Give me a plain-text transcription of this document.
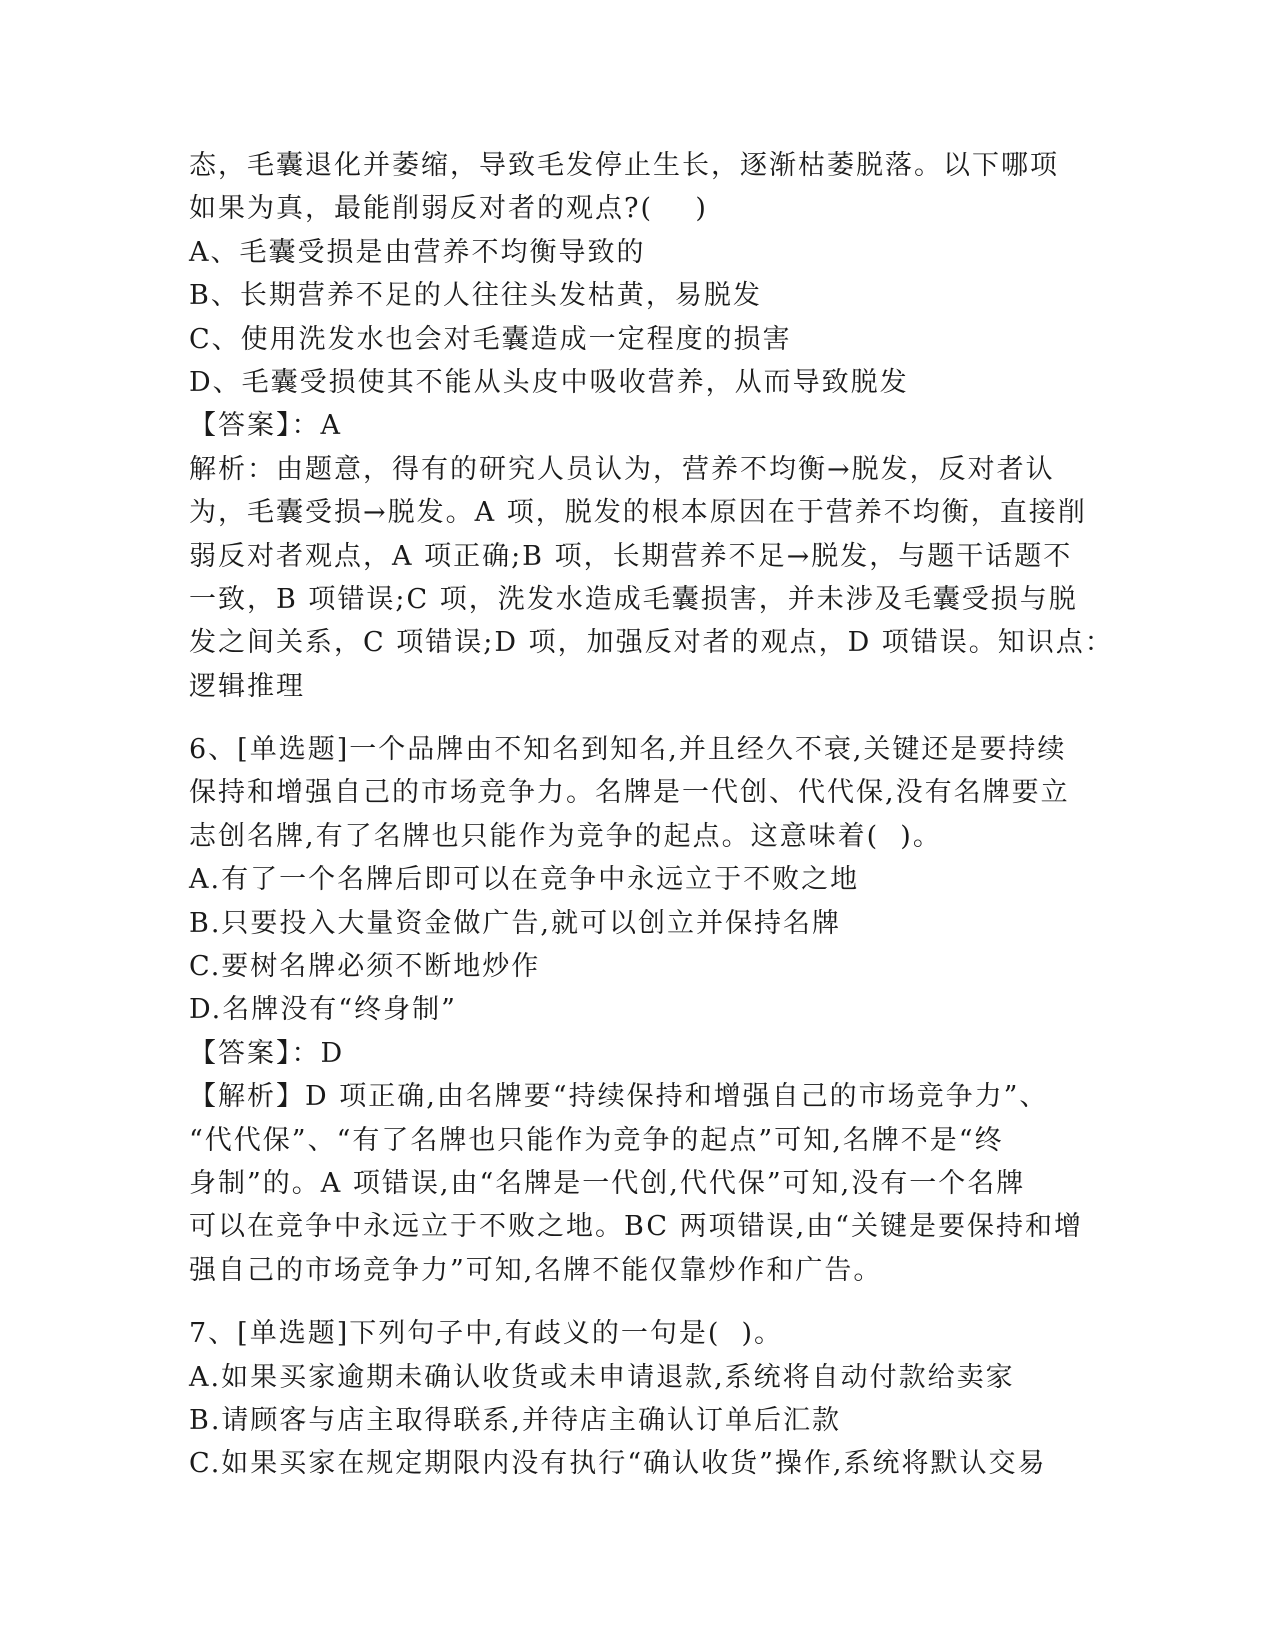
态，毛囊退化并萎缩，导致毛发停止生长，逐渐枯萎脱落。以下哪项
如果为真，最能削弱反对者的观点?(    )
A、毛囊受损是由营养不均衡导致的
B、长期营养不足的人往往头发枯黄，易脱发
C、使用洗发水也会对毛囊造成一定程度的损害
D、毛囊受损使其不能从头皮中吸收营养，从而导致脱发
【答案】：A
解析：由题意，得有的研究人员认为，营养不均衡→脱发，反对者认
为，毛囊受损→脱发。A 项，脱发的根本原因在于营养不均衡，直接削
弱反对者观点，A 项正确;B 项，长期营养不足→脱发，与题干话题不
一致，B 项错误;C 项，洗发水造成毛囊损害，并未涉及毛囊受损与脱
发之间关系，C 项错误;D 项，加强反对者的观点，D 项错误。知识点：
逻辑推理
6、[单选题]一个品牌由不知名到知名,并且经久不衰,关键还是要持续
保持和增强自己的市场竞争力。名牌是一代创、代代保,没有名牌要立
志创名牌,有了名牌也只能作为竞争的起点。这意味着(  )。
A.有了一个名牌后即可以在竞争中永远立于不败之地
B.只要投入大量资金做广告,就可以创立并保持名牌
C.要树名牌必须不断地炒作
D.名牌没有“终身制”
【答案】：D
【解析】D 项正确,由名牌要“持续保持和增强自己的市场竞争力”、
“代代保”、“有了名牌也只能作为竞争的起点”可知,名牌不是“终
身制”的。A 项错误,由“名牌是一代创,代代保”可知,没有一个名牌
可以在竞争中永远立于不败之地。BC 两项错误,由“关键是要保持和增
强自己的市场竞争力”可知,名牌不能仅靠炒作和广告。
7、[单选题]下列句子中,有歧义的一句是(  )。
A.如果买家逾期未确认收货或未申请退款,系统将自动付款给卖家
B.请顾客与店主取得联系,并待店主确认订单后汇款
C.如果买家在规定期限内没有执行“确认收货”操作,系统将默认交易
